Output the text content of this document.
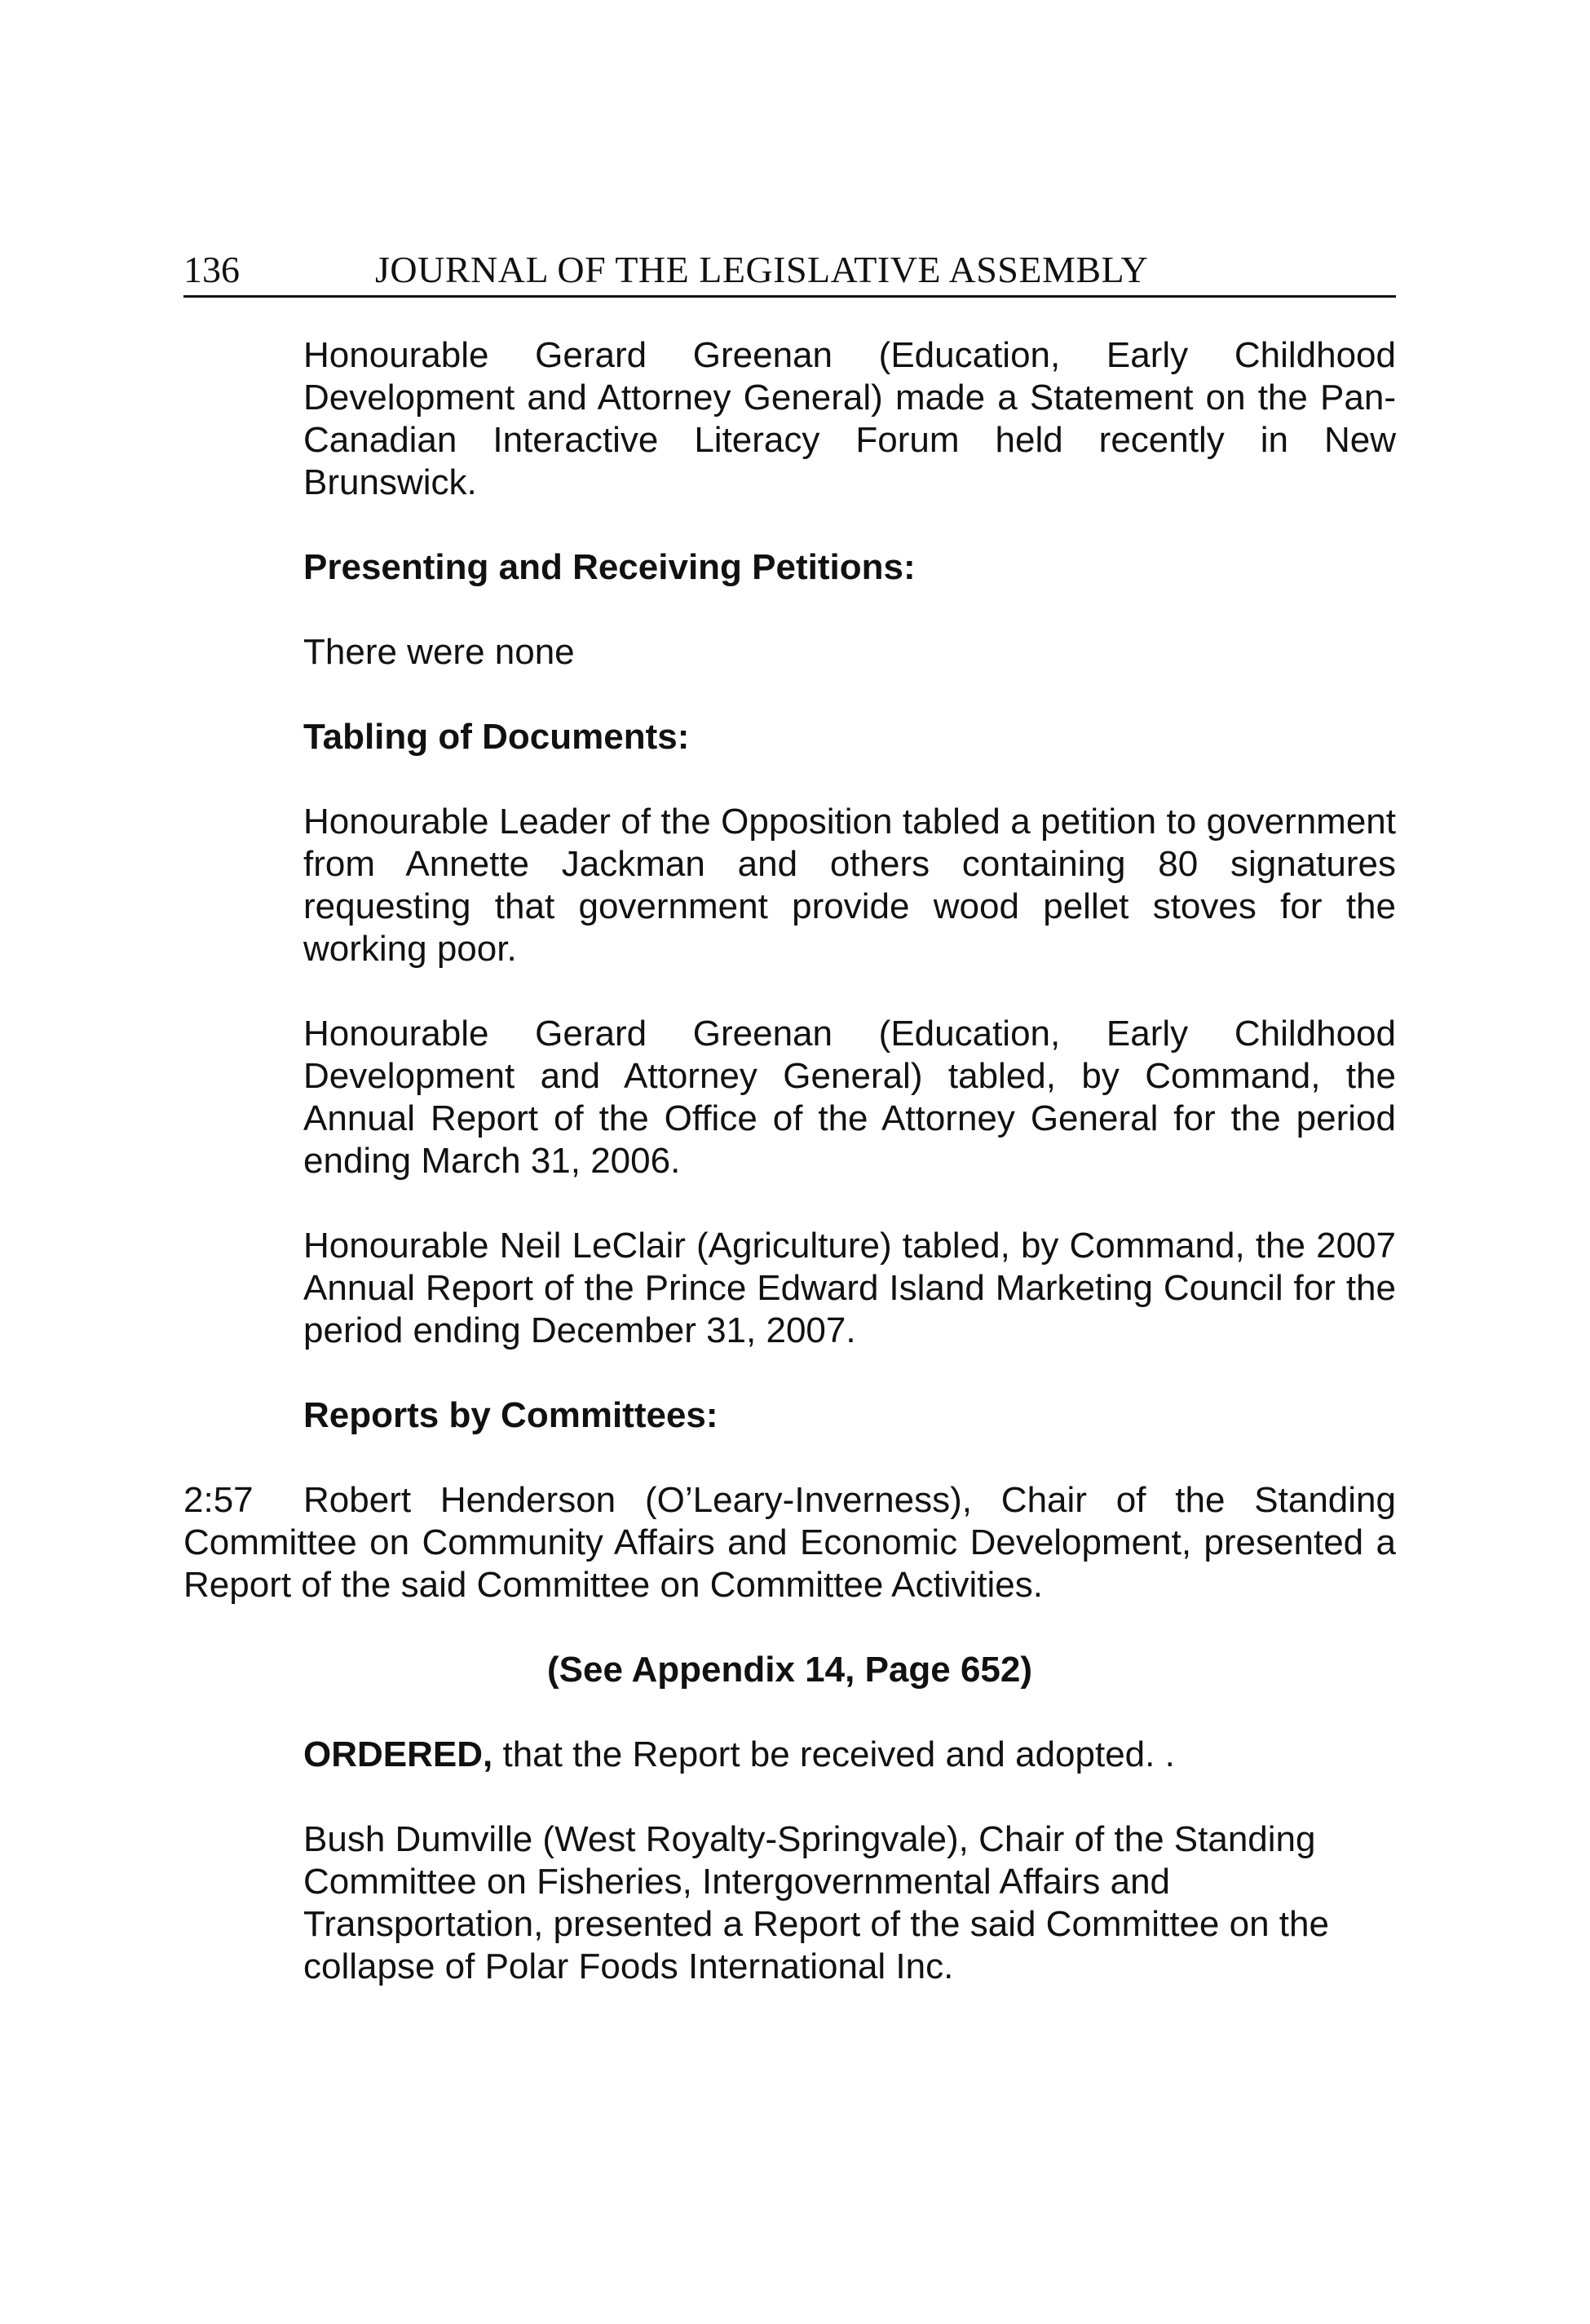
136	JOURNAL OF THE LEGISLATIVE ASSEMBLY

Honourable Gerard Greenan (Education, Early Childhood Development and Attorney General) made a Statement on the Pan-Canadian Interactive Literacy Forum held recently in New Brunswick.

Presenting and Receiving Petitions:

There were none

Tabling of Documents:

Honourable Leader of the Opposition tabled a petition to government from Annette Jackman and others containing 80 signatures requesting that government provide wood pellet stoves for the working poor.

Honourable Gerard Greenan (Education, Early Childhood Development and Attorney General) tabled, by Command, the Annual Report of the Office of the Attorney General for the period ending March 31, 2006.

Honourable Neil LeClair (Agriculture) tabled, by Command, the 2007 Annual Report of the Prince Edward Island Marketing Council for the period ending December 31, 2007.

Reports by Committees:

2:57 Robert Henderson (O’Leary-Inverness), Chair of the Standing Committee on Community Affairs and Economic Development, presented a Report of the said Committee on Committee Activities.

(See Appendix 14, Page 652)

ORDERED, that the Report be received and adopted. .

Bush Dumville (West Royalty-Springvale), Chair of the Standing Committee on Fisheries, Intergovernmental Affairs and Transportation, presented a Report of the said Committee on the collapse of Polar Foods International Inc.
